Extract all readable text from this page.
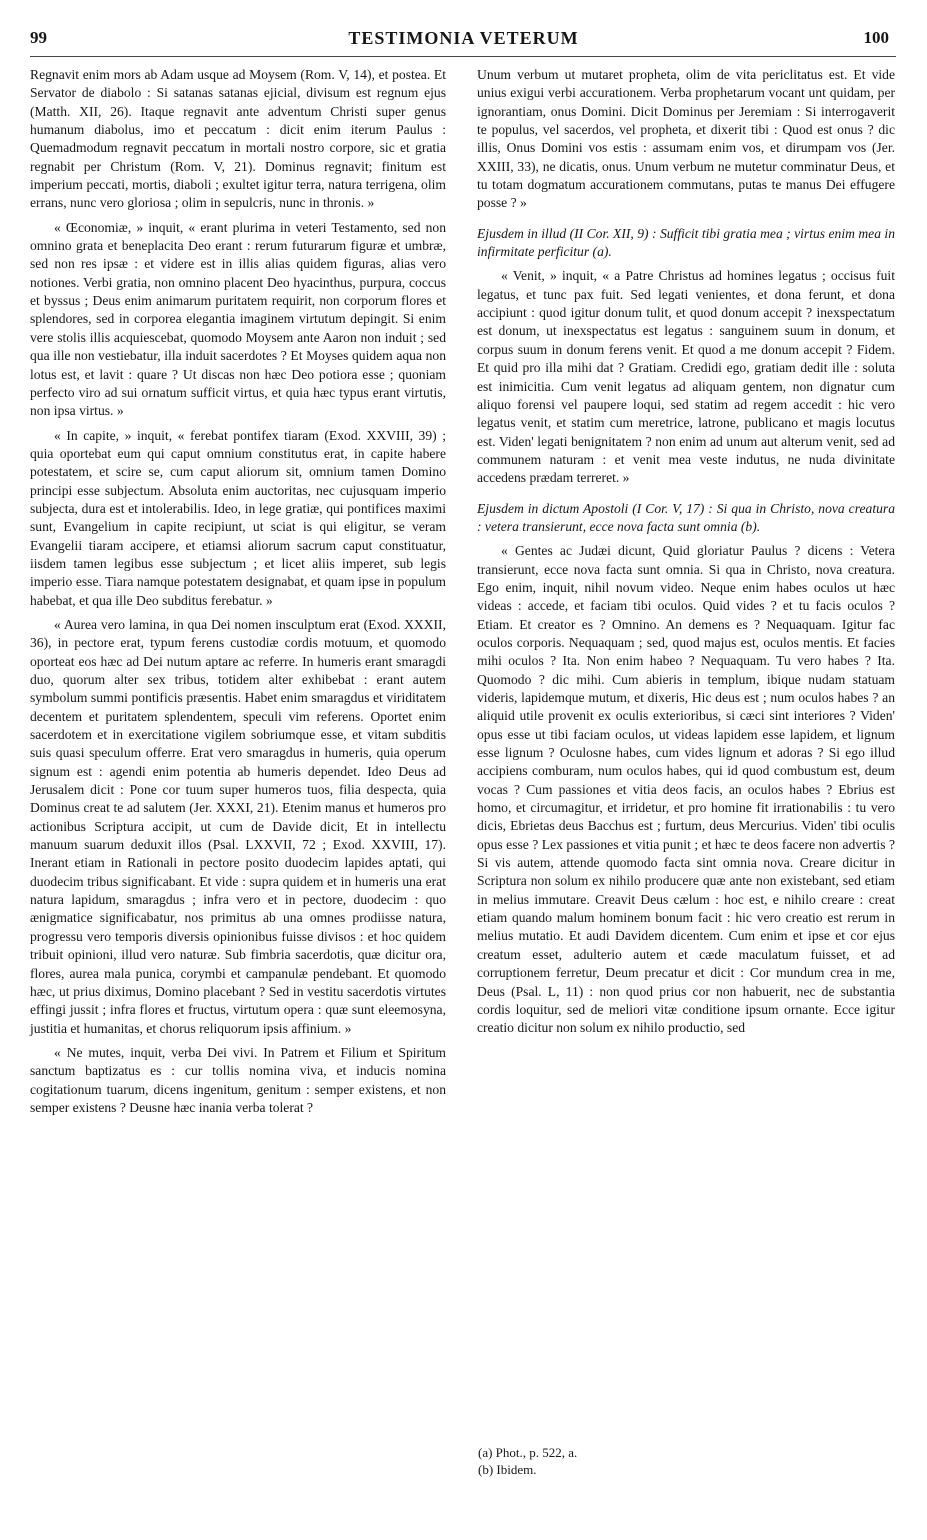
99	TESTIMONIA VETERUM	100

Regnavit enim mors ab Adam usque ad Moysem (Rom. V, 14), et postea. Et Servator de diabolo : Si satanas satanas ejicial, divisum est regnum ejus (Matth. XII, 26). Itaque regnavit ante adventum Christi super genus humanum diabolus, imo et peccatum : dicit enim iterum Paulus : Quemadmodum regnavit peccatum in mortali nostro corpore, sic et gratia regnabit per Christum (Rom. V, 21). Dominus regnavit; finitum est imperium peccati, mortis, diaboli ; exultet igitur terra, natura terrigena, olim errans, nunc vero gloriosa ; olim in sepulcris, nunc in thronis. »

« Œconomiæ, » inquit, « erant plurima in veteri Testamento, sed non omnino grata et beneplacita Deo erant : rerum futurarum figuræ et umbræ, sed non res ipsæ : et videre est in illis alias quidem figuras, alias vero notiones. Verbi gratia, non omnino placent Deo hyacinthus, purpura, coccus et byssus ; Deus enim animarum puritatem requirit, non corporum flores et splendores, sed in corporea elegantia imaginem virtutum depingit. Si enim vere stolis illis acquiescebat, quomodo Moysem ante Aaron non induit ; sed qua ille non vestiebatur, illa induit sacerdotes ? Et Moyses quidem aqua non lotus est, et lavit : quare ? Ut discas non hæc Deo potiora esse ; quoniam perfecto viro ad sui ornatum sufficit virtus, et quia hæc typus erant virtutis, non ipsa virtus. »

« In capite, » inquit, « ferebat pontifex tiaram (Exod. XXVIII, 39) ; quia oportebat eum qui caput omnium constitutus erat, in capite habere potestatem, et scire se, cum caput aliorum sit, omnium tamen Domino principi esse subjectum. Absoluta enim auctoritas, nec cujusquam imperio subjecta, dura est et intolerabilis. Ideo, in lege gratiæ, qui pontifices maximi sunt, Evangelium in capite recipiunt, ut sciat is qui eligitur, se veram Evangelii tiaram accipere, et etiamsi aliorum sacrum caput constituatur, iisdem tamen legibus esse subjectum ; et licet aliis imperet, sub legis imperio esse. Tiara namque potestatem designabat, et quam ipse in populum habebat, et qua ille Deo subditus ferebatur. »

« Aurea vero lamina, in qua Dei nomen insculptum erat (Exod. XXXII, 36), in pectore erat, typum ferens custodiæ cordis motuum, et quomodo oporteat eos hæc ad Dei nutum aptare ac referre. In humeris erant smaragdi duo, quorum alter sex tribus, totidem alter exhibebat : erant autem symbolum summi pontificis præsentis. Habet enim smaragdus et viriditatem decentem et puritatem splendentem, speculi vim referens. Oportet enim sacerdotem et in exercitatione vigilem sobriumque esse, et vitam subditis suis quasi speculum offerre. Erat vero smaragdus in humeris, quia operum signum est : agendi enim potentia ab humeris dependet. Ideo Deus ad Jerusalem dicit : Pone cor tuum super humeros tuos, filia despecta, quia Dominus creat te ad salutem (Jer. XXXI, 21). Etenim manus et humeros pro actionibus Scriptura accipit, ut cum de Davide dicit, Et in intellectu manuum suarum deduxit illos (Psal. LXXVII, 72 ; Exod. XXVIII, 17). Inerant etiam in Rationali in pectore posito duodecim lapides aptati, qui duodecim tribus significabant. Et vide : supra quidem et in humeris una erat natura lapidum, smaragdus ; infra vero et in pectore, duodecim : quo ænigmatice significabatur, nos primitus ab una omnes prodiisse natura, progressu vero temporis diversis opinionibus fuisse divisos : et hoc quidem tribuit opinioni, illud vero naturæ. Sub fimbria sacerdotis, quæ dicitur ora, flores, aurea mala punica, corymbi et campanulæ pendebant. Et quomodo hæc, ut prius diximus, Domino placebant ? Sed in vestitu sacerdotis virtutes effingi jussit ; infra flores et fructus, virtutum opera : quæ sunt eleemosyna, justitia et humanitas, et chorus reliquorum ipsis affinium. »

« Ne mutes, inquit, verba Dei vivi. In Patrem et Filium et Spiritum sanctum baptizatus es : cur tollis nomina viva, et inducis nomina cogitationum tuarum, dicens ingenitum, genitum : semper existens, et non semper existens ? Deusne hæc inania verba tolerat ?

Unum verbum ut mutaret propheta, olim de vita periclitatus est. Et vide unius exigui verbi accurationem. Verba prophetarum vocant unt quidam, per ignorantiam, onus Domini. Dicit Dominus per Jeremiam : Si interrogaverit te populus, vel sacerdos, vel propheta, et dixerit tibi : Quod est onus ? dic illis, Onus Domini vos estis : assumam enim vos, et dirumpam vos (Jer. XXIII, 33), ne dicatis, onus. Unum verbum ne mutetur comminatur Deus, et tu totam dogmatum accurationem commutans, putas te manus Dei effugere posse ? »

Ejusdem in illud (II Cor. XII, 9) : Sufficit tibi gratia mea ; virtus enim mea in infirmitate perficitur (a).

« Venit, » inquit, « a Patre Christus ad homines legatus ; occisus fuit legatus, et tunc pax fuit. Sed legati venientes, et dona ferunt, et dona accipiunt : quod igitur donum tulit, et quod donum accepit ? inexspectatum est donum, ut inexspectatus est legatus : sanguinem suum in donum, et corpus suum in donum ferens venit. Et quod a me donum accepit ? Fidem. Et quid pro illa mihi dat ? Gratiam. Credidi ego, gratiam dedit ille : soluta est inimicitia. Cum venit legatus ad aliquam gentem, non dignatur cum aliquo forensi vel paupere loqui, sed statim ad regem accedit : hic vero legatus venit, et statim cum meretrice, latrone, publicano et magis locutus est. Viden' legati benignitatem ? non enim ad unum aut alterum venit, sed ad communem naturam : et venit mea veste indutus, ne nuda divinitate accedens prædam terreret. »

Ejusdem in dictum Apostoli (I Cor. V, 17) : Si qua in Christo, nova creatura : vetera transierunt, ecce nova facta sunt omnia (b).

« Gentes ac Judæi dicunt, Quid gloriatur Paulus ? dicens : Vetera transierunt, ecce nova facta sunt omnia. Si qua in Christo, nova creatura. Ego enim, inquit, nihil novum video. Neque enim habes oculos ut hæc videas : accede, et faciam tibi oculos. Quid vides ? et tu facis oculos ? Etiam. Et creator es ? Omnino. An demens es ? Nequaquam. Igitur fac oculos corporis. Nequaquam ; sed, quod majus est, oculos mentis. Et facies mihi oculos ? Ita. Non enim habeo ? Nequaquam. Tu vero habes ? Ita. Quomodo ? dic mihi. Cum abieris in templum, ibique nudam statuam videris, lapidemque mutum, et dixeris, Hic deus est ; num oculos habes ? an aliquid utile provenit ex oculis exterioribus, si cæci sint interiores ? Viden' opus esse ut tibi faciam oculos, ut videas lapidem esse lapidem, et lignum esse lignum ? Oculosne habes, cum vides lignum et adoras ? Si ego illud accipiens comburam, num oculos habes, qui id quod combustum est, deum vocas ? Cum passiones et vitia deos facis, an oculos habes ? Ebrius est homo, et circumagitur, et irridetur, et pro homine fit irrationabilis : tu vero dicis, Ebrietas deus Bacchus est ; furtum, deus Mercurius. Viden' tibi oculis opus esse ? Lex passiones et vitia punit ; et hæc te deos facere non advertis ? Si vis autem, attende quomodo facta sint omnia nova. Creare dicitur in Scriptura non solum ex nihilo producere quæ ante non existebant, sed etiam in melius immutare. Creavit Deus cælum : hoc est, e nihilo creare : creat etiam quando malum hominem bonum facit : hic vero creatio est rerum in melius mutatio. Et audi Davidem dicentem. Cum enim et ipse et cor ejus creatum esset, adulterio autem et cæde maculatum fuisset, et ad corruptionem ferretur, Deum precatur et dicit : Cor mundum crea in me, Deus (Psal. L, 11) : non quod prius cor non habuerit, nec de substantia cordis loquitur, sed de meliori vitæ conditione ipsum ornante. Ecce igitur creatio dicitur non solum ex nihilo productio, sed

(a) Phot., p. 522, a.
(b) Ibidem.
